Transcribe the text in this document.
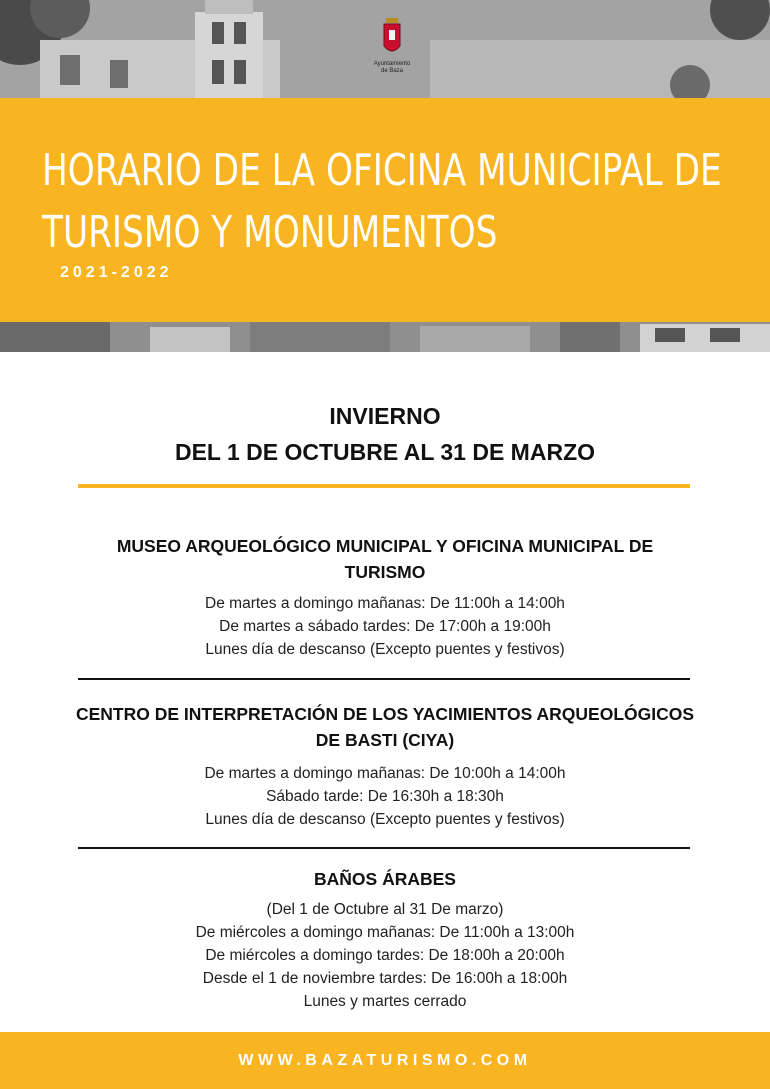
Ayuntamiento
de Baza
HORARIO DE LA OFICINA MUNICIPAL DE
TURISMO Y MONUMENTOS
2021-2022
INVIERNO
DEL 1 DE OCTUBRE AL 31 DE MARZO
MUSEO ARQUEOLÓGICO MUNICIPAL Y OFICINA MUNICIPAL DE
TURISMO
De martes a domingo mañanas: De 11:00h a 14:00h
De martes a sábado tardes: De 17:00h a 19:00h
Lunes día de descanso (Excepto puentes y festivos)
CENTRO DE INTERPRETACIÓN DE LOS YACIMIENTOS ARQUEOLÓGICOS
DE BASTI (CIYA)
De martes a domingo mañanas: De 10:00h a 14:00h
Sábado tarde: De 16:30h a 18:30h
Lunes día de descanso (Excepto puentes y festivos)
BAÑOS ÁRABES
(Del 1 de Octubre al 31 De marzo)
De miércoles a domingo mañanas: De 11:00h a 13:00h
De miércoles a domingo tardes: De 18:00h a 20:00h
Desde el 1 de noviembre tardes: De 16:00h a 18:00h
Lunes y martes cerrado
WWW.BAZATURISMO.COM
